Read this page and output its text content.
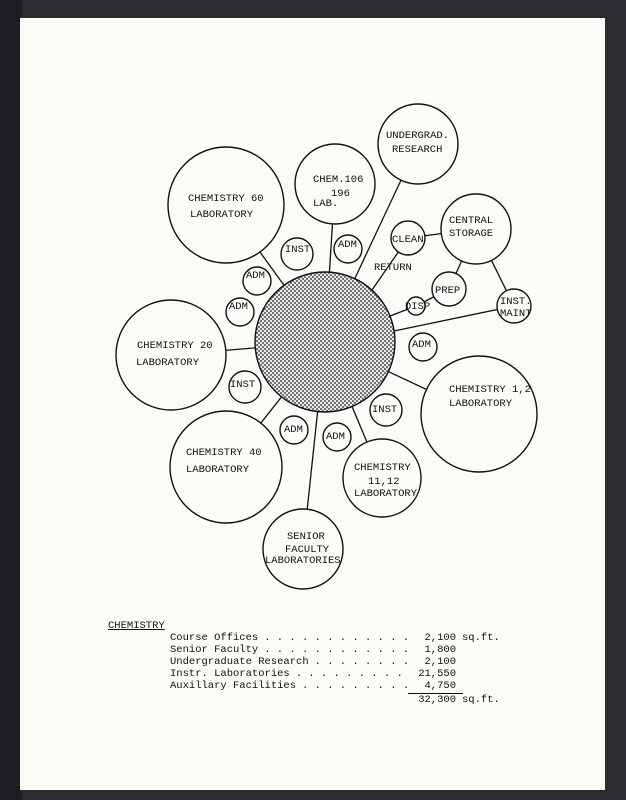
CHEMISTRY 60
LABORATORY
CHEM.106
196
LAB.
UNDERGRAD.
RESEARCH
CENTRAL
STORAGE
CLEAN
RETURN
PREP
DISP	INST.
MAINT
CHEMISTRY 20
LABORATORY
CHEMISTRY 1,2
LABORATORY
CHEMISTRY 40
LABORATORY	CHEMISTRY
11,12
LABORATORY
SENIOR
FACULTY
LABORATORIES
INST	ADM
ADM
ADM
INST
ADM
ADM
ADM
INST
CHEMISTRY
Course Offices . . . . . . . . . . . .	2,100 sq.ft.
Senior Faculty . . . . . . . . . . . .	1,800
Undergraduate Research . . . . . . . .	2,100
Instr. Laboratories . . . . . . . . .	21,550
Auxillary Facilities . . . . . . . . .	4,750
32,300 sq.ft.
